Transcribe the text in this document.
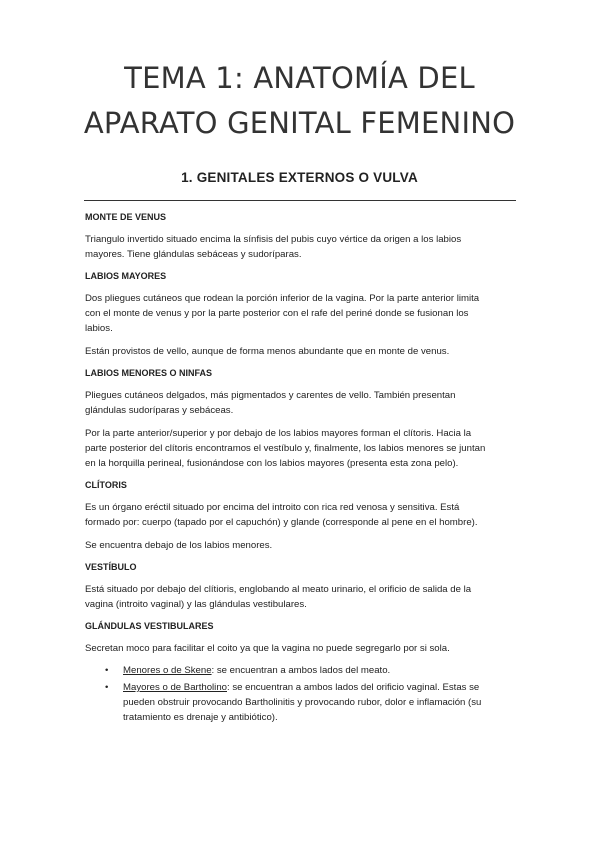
TEMA 1: ANATOMÍA DEL
APARATO GENITAL FEMENINO
1. GENITALES EXTERNOS O VULVA
MONTE DE VENUS
Triangulo invertido situado encima la sínfisis del pubis cuyo vértice da origen a los labios
mayores. Tiene glándulas sebáceas y sudoríparas.
LABIOS MAYORES
Dos pliegues cutáneos que rodean la porción inferior de la vagina. Por la parte anterior limita
con el monte de venus y por la parte posterior con el rafe del periné donde se fusionan los
labios.
Están provistos de vello, aunque de forma menos abundante que en monte de venus.
LABIOS MENORES O NINFAS
Pliegues cutáneos delgados, más pigmentados y carentes de vello. También presentan
glándulas sudoríparas y sebáceas.
Por la parte anterior/superior y por debajo de los labios mayores forman el clítoris. Hacia la
parte posterior del clítoris encontramos el vestíbulo y, finalmente, los labios menores se juntan
en la horquilla perineal, fusionándose con los labios mayores (presenta esta zona pelo).
CLÍTORIS
Es un órgano eréctil situado por encima del introito con rica red venosa y sensitiva. Está
formado por: cuerpo (tapado por el capuchón) y glande (corresponde al pene en el hombre).
Se encuentra debajo de los labios menores.
VESTÍBULO
Está situado por debajo del clítioris, englobando al meato urinario, el orificio de salida de la
vagina (introito vaginal) y las glándulas vestibulares.
GLÁNDULAS VESTIBULARES
Secretan moco para facilitar el coito ya que la vagina no puede segregarlo por si sola.
• Menores o de Skene: se encuentran a ambos lados del meato.
• Mayores o de Bartholino: se encuentran a ambos lados del orificio vaginal. Estas se
pueden obstruir provocando Bartholinitis y provocando rubor, dolor e inflamación (su
tratamiento es drenaje y antibiótico).
